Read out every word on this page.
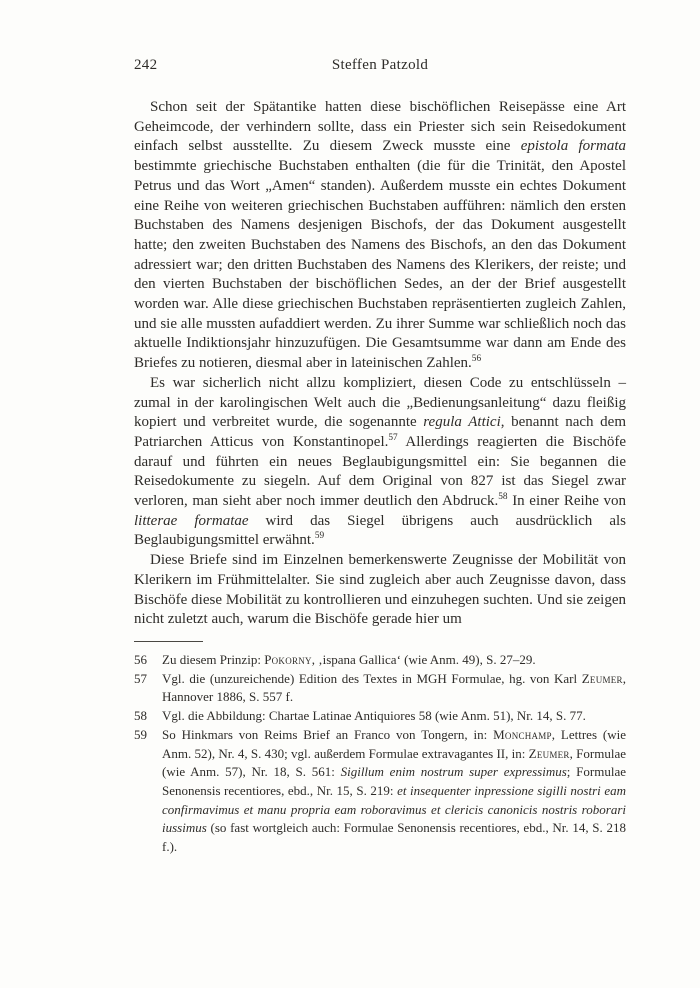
242	Steffen Patzold

Schon seit der Spätantike hatten diese bischöflichen Reisepässe eine Art Geheimcode, der verhindern sollte, dass ein Priester sich sein Reisedokument einfach selbst ausstellte. Zu diesem Zweck musste eine epistola formata bestimmte griechische Buchstaben enthalten (die für die Trinität, den Apostel Petrus und das Wort „Amen“ standen). Außerdem musste ein echtes Dokument eine Reihe von weiteren griechischen Buchstaben aufführen: nämlich den ersten Buchstaben des Namens desjenigen Bischofs, der das Dokument ausgestellt hatte; den zweiten Buchstaben des Namens des Bischofs, an den das Dokument adressiert war; den dritten Buchstaben des Namens des Klerikers, der reiste; und den vierten Buchstaben der bischöflichen Sedes, an der der Brief ausgestellt worden war. Alle diese griechischen Buchstaben repräsentierten zugleich Zahlen, und sie alle mussten aufaddiert werden. Zu ihrer Summe war schließlich noch das aktuelle Indiktionsjahr hinzuzufügen. Die Gesamtsumme war dann am Ende des Briefes zu notieren, diesmal aber in lateinischen Zahlen.$^{56}$

Es war sicherlich nicht allzu kompliziert, diesen Code zu entschlüsseln – zumal in der karolingischen Welt auch die „Bedienungsanleitung“ dazu fleißig kopiert und verbreitet wurde, die sogenannte regula Attici, benannt nach dem Patriarchen Atticus von Konstantinopel.$^{57}$ Allerdings reagierten die Bischöfe darauf und führten ein neues Beglaubigungsmittel ein: Sie begannen die Reisedokumente zu siegeln. Auf dem Original von 827 ist das Siegel zwar verloren, man sieht aber noch immer deutlich den Abdruck.$^{58}$ In einer Reihe von litterae formatae wird das Siegel übrigens auch ausdrücklich als Beglaubigungsmittel erwähnt.$^{59}$

Diese Briefe sind im Einzelnen bemerkenswerte Zeugnisse der Mobilität von Klerikern im Frühmittelalter. Sie sind zugleich aber auch Zeugnisse davon, dass Bischöfe diese Mobilität zu kontrollieren und einzuhegen suchten. Und sie zeigen nicht zuletzt auch, warum die Bischöfe gerade hier um

56 Zu diesem Prinzip: Pokorny, ‚ispana Gallica‘ (wie Anm. 49), S. 27–29.
57 Vgl. die (unzureichende) Edition des Textes in MGH Formulae, hg. von Karl Zeumer, Hannover 1886, S. 557 f.
58 Vgl. die Abbildung: Chartae Latinae Antiquiores 58 (wie Anm. 51), Nr. 14, S. 77.
59 So Hinkmars von Reims Brief an Franco von Tongern, in: Monchamp, Lettres (wie Anm. 52), Nr. 4, S. 430; vgl. außerdem Formulae extravagantes II, in: Zeumer, Formulae (wie Anm. 57), Nr. 18, S. 561: Sigillum enim nostrum super expressimus; Formulae Senonensis recentiores, ebd., Nr. 15, S. 219: et insequenter inpressione sigilli nostri eam confirmavimus et manu propria eam roboravimus et clericis canonicis nostris roborari iussimus (so fast wortgleich auch: Formulae Senonensis recentiores, ebd., Nr. 14, S. 218 f.).
